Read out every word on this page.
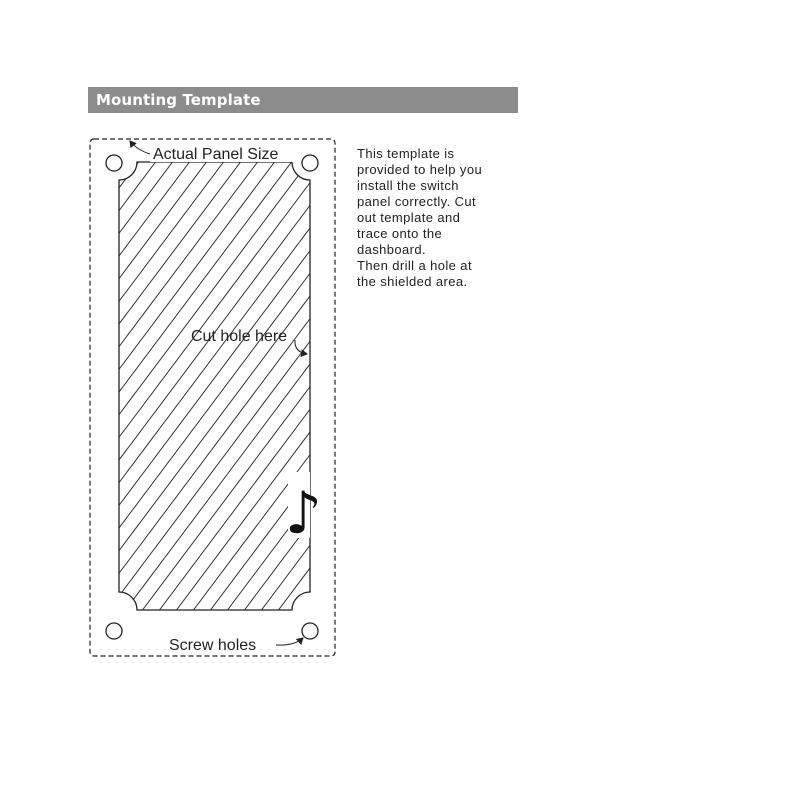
Mounting Template
This template is
provided to help you
install the switch
panel correctly. Cut
out template and
trace onto the
dashboard.
Then drill a hole at
the shielded area.
Actual Panel Size
Cut hole here
Screw holes
♪
